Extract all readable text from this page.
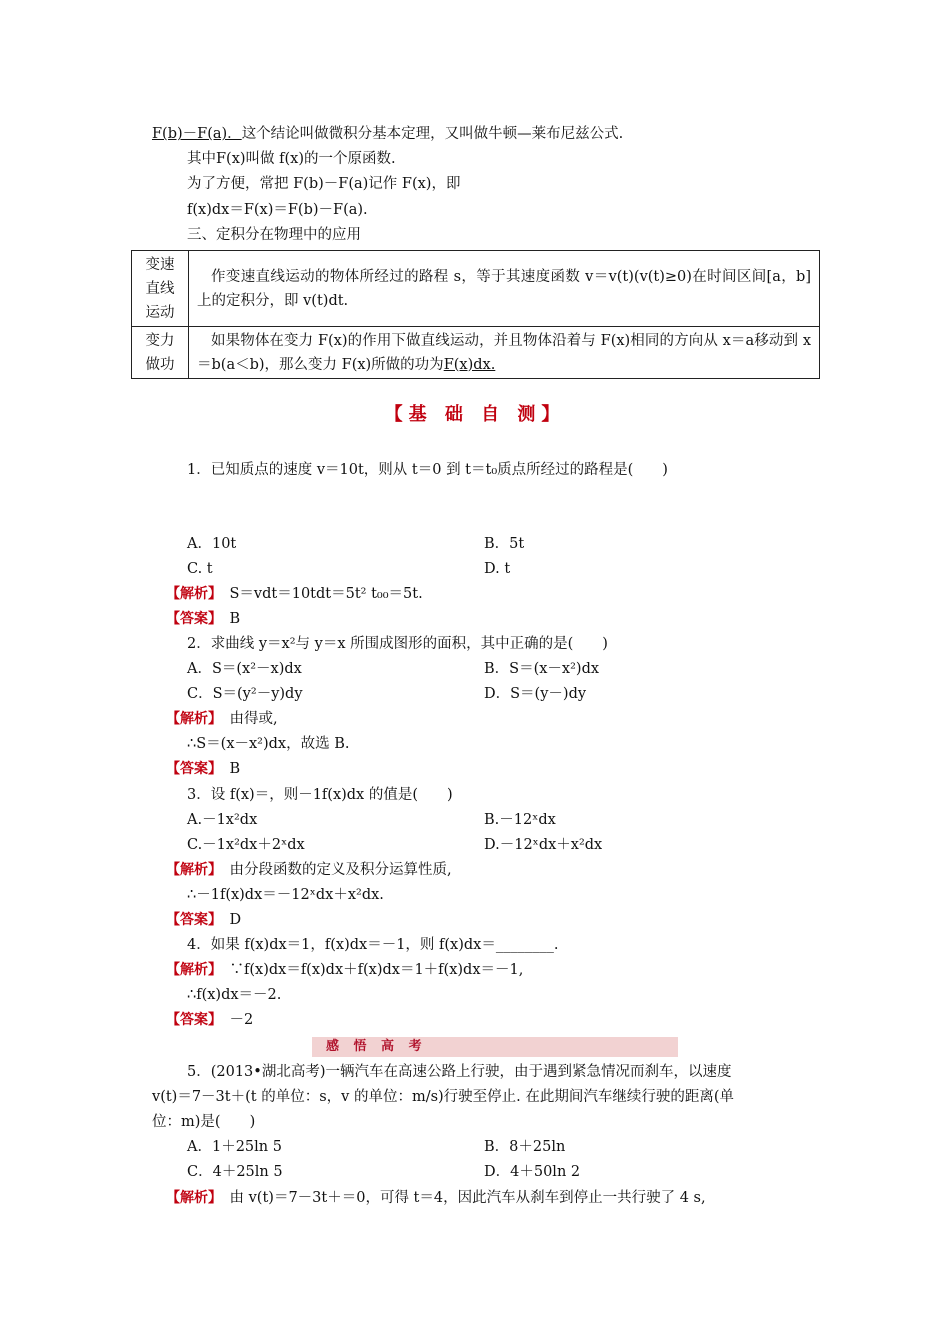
F(b)－F(a)．这个结论叫做微积分基本定理，又叫做牛顿—莱布尼兹公式.
其中F(x)叫做 f(x)的一个原函数.
为了方便，常把 F(b)－F(a)记作 F(x)，即
f(x)dx＝F(x)＝F(b)－F(a).
三、定积分在物理中的应用
变速
直线
运动	作变速直线运动的物体所经过的路程 s，等于其速度函数 v＝v(t)(v(t)≥0)在时间区间[a，b]上的定积分，即 v(t)dt.

变力
做功	如果物体在变力 F(x)的作用下做直线运动，并且物体沿着与 F(x)相同的方向从 x＝a移动到 x＝b(a＜b)，那么变力 F(x)所做的功为F(x)dx.
【基 础 自 测】
1．已知质点的速度 v＝10t，则从 t＝0 到 t＝t₀质点所经过的路程是(　　)
A．10t	B．5t
C. t	D. t
【解析】　 S＝vdt＝10tdt＝5t² t₀₀＝5t.
【答案】　 B
2．求曲线 y＝x²与 y＝x 所围成图形的面积，其中正确的是(　　)
A．S＝(x²－x)dx	B．S＝(x－x²)dx
C．S＝(y²－y)dy	D．S＝(y－)dy
【解析】　 由得或,
∴S＝(x－x²)dx，故选 B.
【答案】　 B
3．设 f(x)＝，则－1f(x)dx 的值是(　　)
A.－1x²dx	B.－12ˣdx
C.－1x²dx＋2ˣdx	D.－12ˣdx＋x²dx
【解析】　 由分段函数的定义及积分运算性质,
∴－1f(x)dx＝－12ˣdx＋x²dx.
【答案】　 D
4．如果 f(x)dx＝1，f(x)dx＝－1，则 f(x)dx＝________.
【解析】　 ∵f(x)dx＝f(x)dx＋f(x)dx＝1＋f(x)dx＝－1,
∴f(x)dx＝－2.
【答案】　 －2
感 悟 高 考
5．(2013•湖北高考)一辆汽车在高速公路上行驶，由于遇到紧急情况而刹车，以速度
v(t)＝7－3t＋(t 的单位：s，v 的单位：m/s)行驶至停止. 在此期间汽车继续行驶的距离(单
位：m)是(　　)
A．1＋25ln 5	B．8＋25ln
C．4＋25ln 5	D．4＋50ln 2
【解析】　 由 v(t)＝7－3t＋＝0，可得 t＝4，因此汽车从刹车到停止一共行驶了 4 s,
